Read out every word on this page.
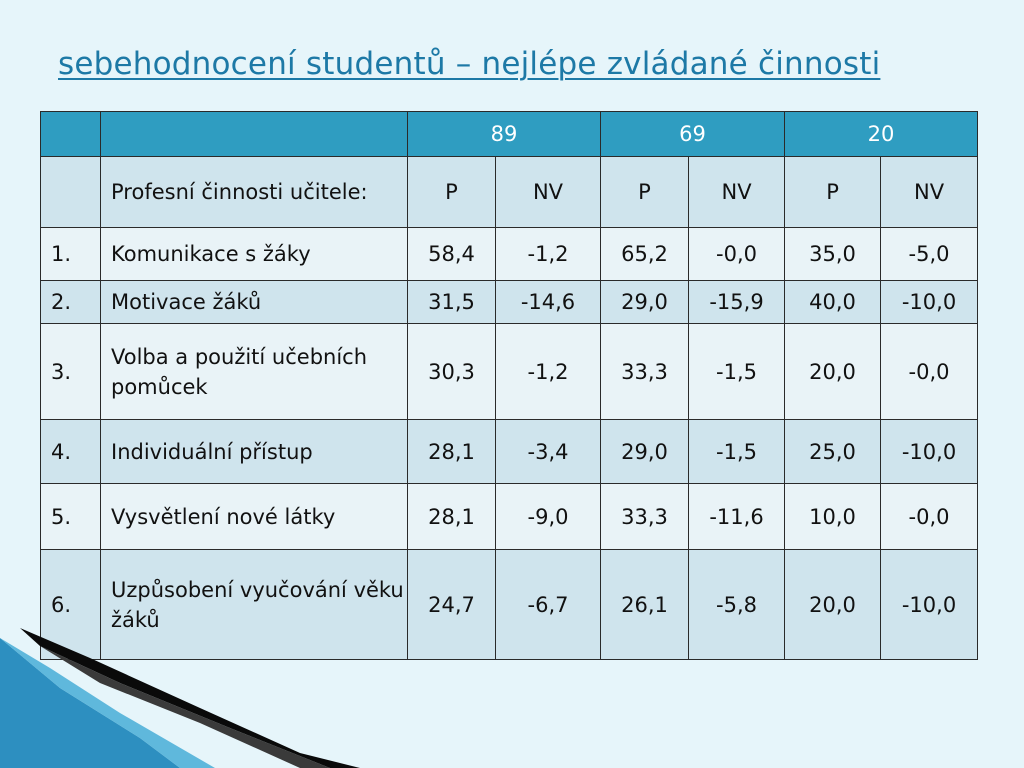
sebehodnocení studentů – nejlépe zvládané činnosti
		89		69		20	
	Profesní činnosti učitele:	P	NV	P	NV	P	NV
1.	Komunikace s žáky	58,4	-1,2	65,2	-0,0	35,0	-5,0
2.	Motivace žáků	31,5	-14,6	29,0	-15,9	40,0	-10,0
3.	Volba a použití učebních pomůcek	30,3	-1,2	33,3	-1,5	20,0	-0,0
4.	Individuální přístup	28,1	-3,4	29,0	-1,5	25,0	-10,0
5.	Vysvětlení nové látky	28,1	-9,0	33,3	-11,6	10,0	-0,0
6.	Uzpůsobení vyučování věku žáků	24,7	-6,7	26,1	-5,8	20,0	-10,0
